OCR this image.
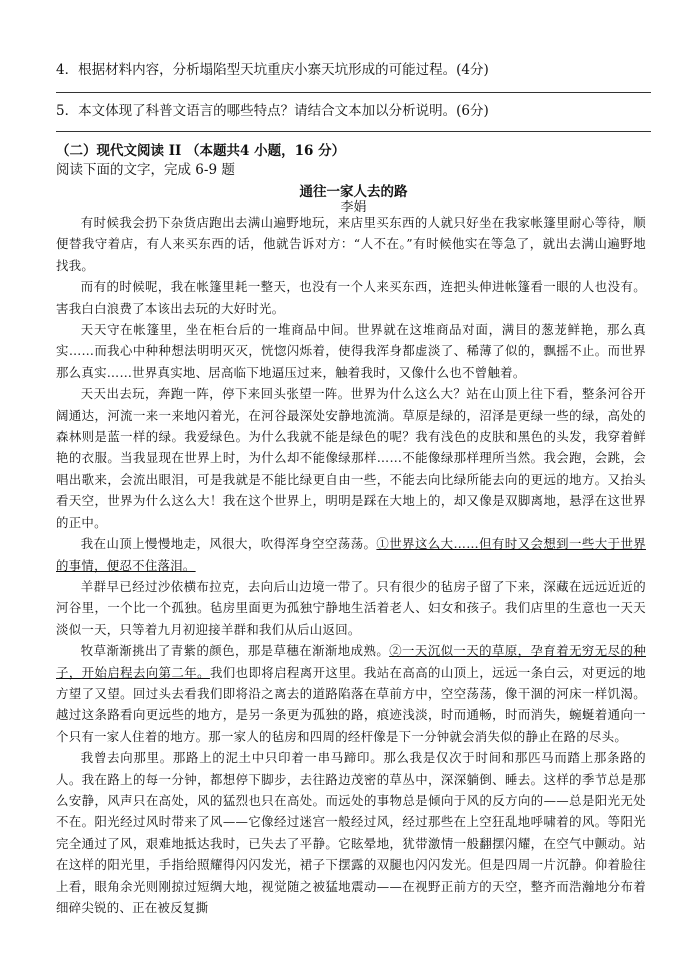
4．根据材料内容，分析塌陷型天坑重庆小寨天坑形成的可能过程。(4分)
5．本文体现了科普文语言的哪些特点？请结合文本加以分析说明。(6分)
（二）现代文阅读 II （本题共4 小题，16 分）
阅读下面的文字，完成 6-9 题
通往一家人去的路
李娟

有时候我会扔下杂货店跑出去满山遍野地玩，来店里买东西的人就只好坐在我家帐篷里耐心等待，顺便替我守着店，有人来买东西的话，他就告诉对方：“人不在。”有时候他实在等急了，就出去满山遍野地找我。

而有的时候呢，我在帐篷里耗一整天，也没有一个人来买东西，连把头伸进帐篷看一眼的人也没有。害我白白浪费了本该出去玩的大好时光。

天天守在帐篷里，坐在柜台后的一堆商品中间。世界就在这堆商品对面，满目的葱茏鲜艳，那么真实……而我心中种种想法明明灭灭，恍惚闪烁着，使得我浑身都虚淡了、稀薄了似的，飘摇不止。而世界那么真实……世界真实地、居高临下地逼压过来，触着我时，又像什么也不曾触着。

天天出去玩，奔跑一阵，停下来回头张望一阵。世界为什么这么大？站在山顶上往下看，整条河谷开阔通达，河流一来一来地闪着光，在河谷最深处安静地流淌。草原是绿的，沼泽是更绿一些的绿，高处的森林则是蓝一样的绿。我爱绿色。为什么我就不能是绿色的呢？我有浅色的皮肤和黑色的头发，我穿着鲜艳的衣服。当我显现在世界上时，为什么却不能像绿那样……不能像绿那样理所当然。我会跑，会跳，会唱出歌来，会流出眼泪，可是我就是不能比绿更自由一些，不能去向比绿所能去向的更远的地方。又抬头看天空，世界为什么这么大！我在这个世界上，明明是踩在大地上的，却又像是双脚离地，悬浮在这世界的正中。

我在山顶上慢慢地走，风很大，吹得浑身空空荡荡。①世界这么大……但有时又会想到一些大于世界的事情，便忍不住落泪。

羊群早已经过沙依横布拉克，去向后山边境一带了。只有很少的毡房子留了下来，深藏在远远近近的河谷里，一个比一个孤独。毡房里面更为孤独宁静地生活着老人、妇女和孩子。我们店里的生意也一天天淡似一天，只等着九月初迎接羊群和我们从后山返回。

牧草渐渐挑出了青紫的颜色，那是草穗在渐渐地成熟。②一天沉似一天的草原，孕育着无穷无尽的种子，开始启程去向第二年。我们也即将启程离开这里。我站在高高的山顶上，远远一条白云，对更远的地方望了又望。回过头去看我们即将沿之离去的道路陷落在草前方中，空空荡荡，像干涸的河床一样饥渴。越过这条路看向更远些的地方，是另一条更为孤独的路，痕迹浅淡，时而通畅，时而消失，蜿蜒着通向一个只有一家人住着的地方。那一家人的毡房和四周的经杆像是下一分钟就会消失似的静止在路的尽头。

我曾去向那里。那路上的泥土中只印着一串马蹄印。那么我是仅次于时间和那匹马而踏上那条路的人。我在路上的每一分钟，都想停下脚步，去往路边茂密的草丛中，深深躺倒、睡去。这样的季节总是那么安静，风声只在高处，风的猛烈也只在高处。而远处的事物总是倾向于风的反方向的——总是阳光无处不在。阳光经过风时带来了风——它像经过迷宫一般经过风，经过那些在上空狂乱地呼啸着的风。等阳光完全通过了风，艰难地抵达我时，已失去了平静。它眩晕地，犹带激情一般翻摆闪耀，在空气中颤动。站在这样的阳光里，手指给照耀得闪闪发光，裙子下摆露的双腿也闪闪发光。但是四周一片沉静。仰着脸往上看，眼角余光则刚掠过短绸大地，视觉随之被猛地震动——在视野正前方的天空，整齐而浩瀚地分布着细碎尖锐的、正在被反复撕
